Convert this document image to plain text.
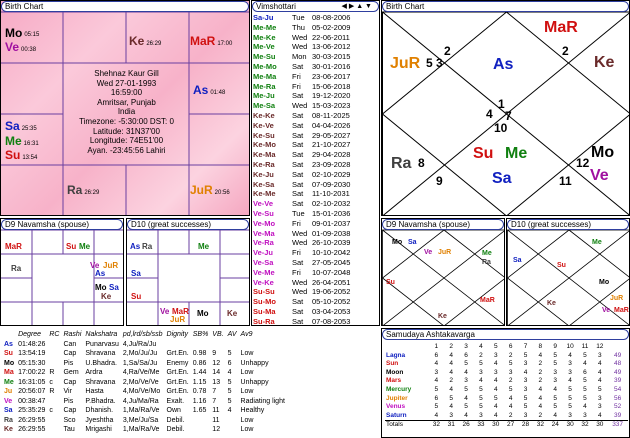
Birth Chart
Mo 05:15
Ve 00:38
Ke 26:29 MaR 17:00
As 01:48
Sa 25:35
Me 16:31
Su 13:54
Ra 26:29	JuR 20:56
Shehnaz Kaur Gill
Wed 27-01-1993
16:59:00
Amritsar, Punjab
India
Timezone: -5:30:00 DST: 0
Latitude: 31N37'00
Longitude: 74E51'00
Ayan. -23:45:56 Lahiri
Vimshottari	◀ ▶ ▲ ▼
Sa-Ju	Tue 08-08-2006
Me-Me Thu 05-02-2009
Me-Ke Wed 22-06-2011
Me-Ve	Wed 13-06-2012
Me-Su Mon 30-03-2015
Me-Mo Sat	30-01-2016
Me-Ma Fri	23-06-2017
Me-Ra Fri	15-06-2018
Me-Ju	Sat	19-12-2020
Me-Sa Wed 15-03-2023
Ke-Ke	Sat	08-11-2025
Ke-Ve	Sat	04-04-2026
Ke-Su	Sat	29-05-2027
Ke-Mo Sat	21-10-2027
Ke-Ma Sat	29-04-2028
Ke-Ra	Sat	23-09-2028
Ke-Ju	Sat	02-10-2029
Ke-Sa	Sat	07-09-2030
Ke-Me Sat	11-10-2031
Ve-Ve	Sat	02-10-2032
Ve-Su	Tue 15-01-2036
Ve-Mo Fri	09-01-2037
Ve-Ma	Wed 01-09-2038
Ve-Ra	Wed 26-10-2039
Ve-Ju	Fri	10-10-2042
Ve-Sa	Sat	27-05-2045
Ve-Me	Fri	10-07-2048
Ve-Ke	Wed 26-04-2051
Su-Su	Wed 19-06-2052
Su-Mo Sat	05-10-2052
Su-Ma Sat	03-04-2053
Su-Ra	Sat	07-08-2053
Birth Chart
1
2
3
4
8
9
10
11
12
2
7
5
MaR
Ke
JuR	As
Su Me
Sa
Mo
Ra
Ve
D9 Navamsha (spouse)
MaR	Su Me
Ra	Ve JuR
As
Mo Sa
Ke
D10 (great successes)
As Ra	Me
Sa
Su
Ve MaR
JuR
Mo Ke
D9 Navamsha (spouse)
Mo Sa
Ve JuR	Me
Ra
Su
Ke
MaR
D10 (great successes)
Me
Sa
Su
Mo
Ke
JuR
Ve MaR
	Degree	RC	Rashi	Nakshatra	pd,lrd/sb/ssb	Dignity	SB%	VB.	AV	Av9
As	01:48:26		Can	Punarvasu	4,Ju/Ra/Ju					
Su	13:54:19		Cap	Shravana	2,Mo/Ju/Ju	Grt.En.	0.98	9	5	Low
Mo	05:15:30		Pis	U.Bhadra.	1,Sa/Sa/Ju	Enemy	0.86	12	6	Unhappy
Ma	17:00:22	R	Gem	Ardra	4,Ra/Ve/Me	Grt.En.	1.44	14	4	Low
Me	16:31:05	c	Cap	Shravana	2,Mo/Ve/Ve	Grt.En.	1.15	13	5	Unhappy
Ju	20:56:07	R	Vir	Hasta	4,Mo/Ve/Mo	Grt.En.	0.78	7	5	Low
Ve	00:38:47		Pis	P.Bhadra.	4,Ju/Ma/Ra	Exalt.	1.16	7	5	Radiating light
Sa	25:35:29	c	Cap	Dhanish.	1,Ma/Ra/Ve	Own	1.65	11	4	Healthy
Ra	26:29:55		Sco	Jyeshtha	3,Me/Ju/Sa	Debil.		11		Low
Ke	26:29:55		Tau	Mrigashi	1,Ma/Ra/Ve	Debil.		12		Low
Samudaya Ashtakavarga
	1	2	3	4	5	6	7	8	9	10	11	12	
Lagna	6	4	6	2	3	2	5	4	5	4	5	3	49
Sun	4	4	5	5	4	5	3	2	5	3	4	4	48
Moon	3	4	4	3	3	3	4	2	3	3	6	4	49
Mars	4	2	3	4	4	2	3	2	3	4	5	4	39
Mercury	5	4	5	5	4	5	3	4	4	5	5	5	54
Jupiter	6	5	4	5	5	4	5	4	5	5	5	3	56
Venus	5	4	5	5	4	4	5	4	5	5	4	3	52
Saturn	4	3	4	3	4	2	3	2	4	3	3	4	39
Totals	32	31	26	33	30	27	28	32	24	30	32	30	337
